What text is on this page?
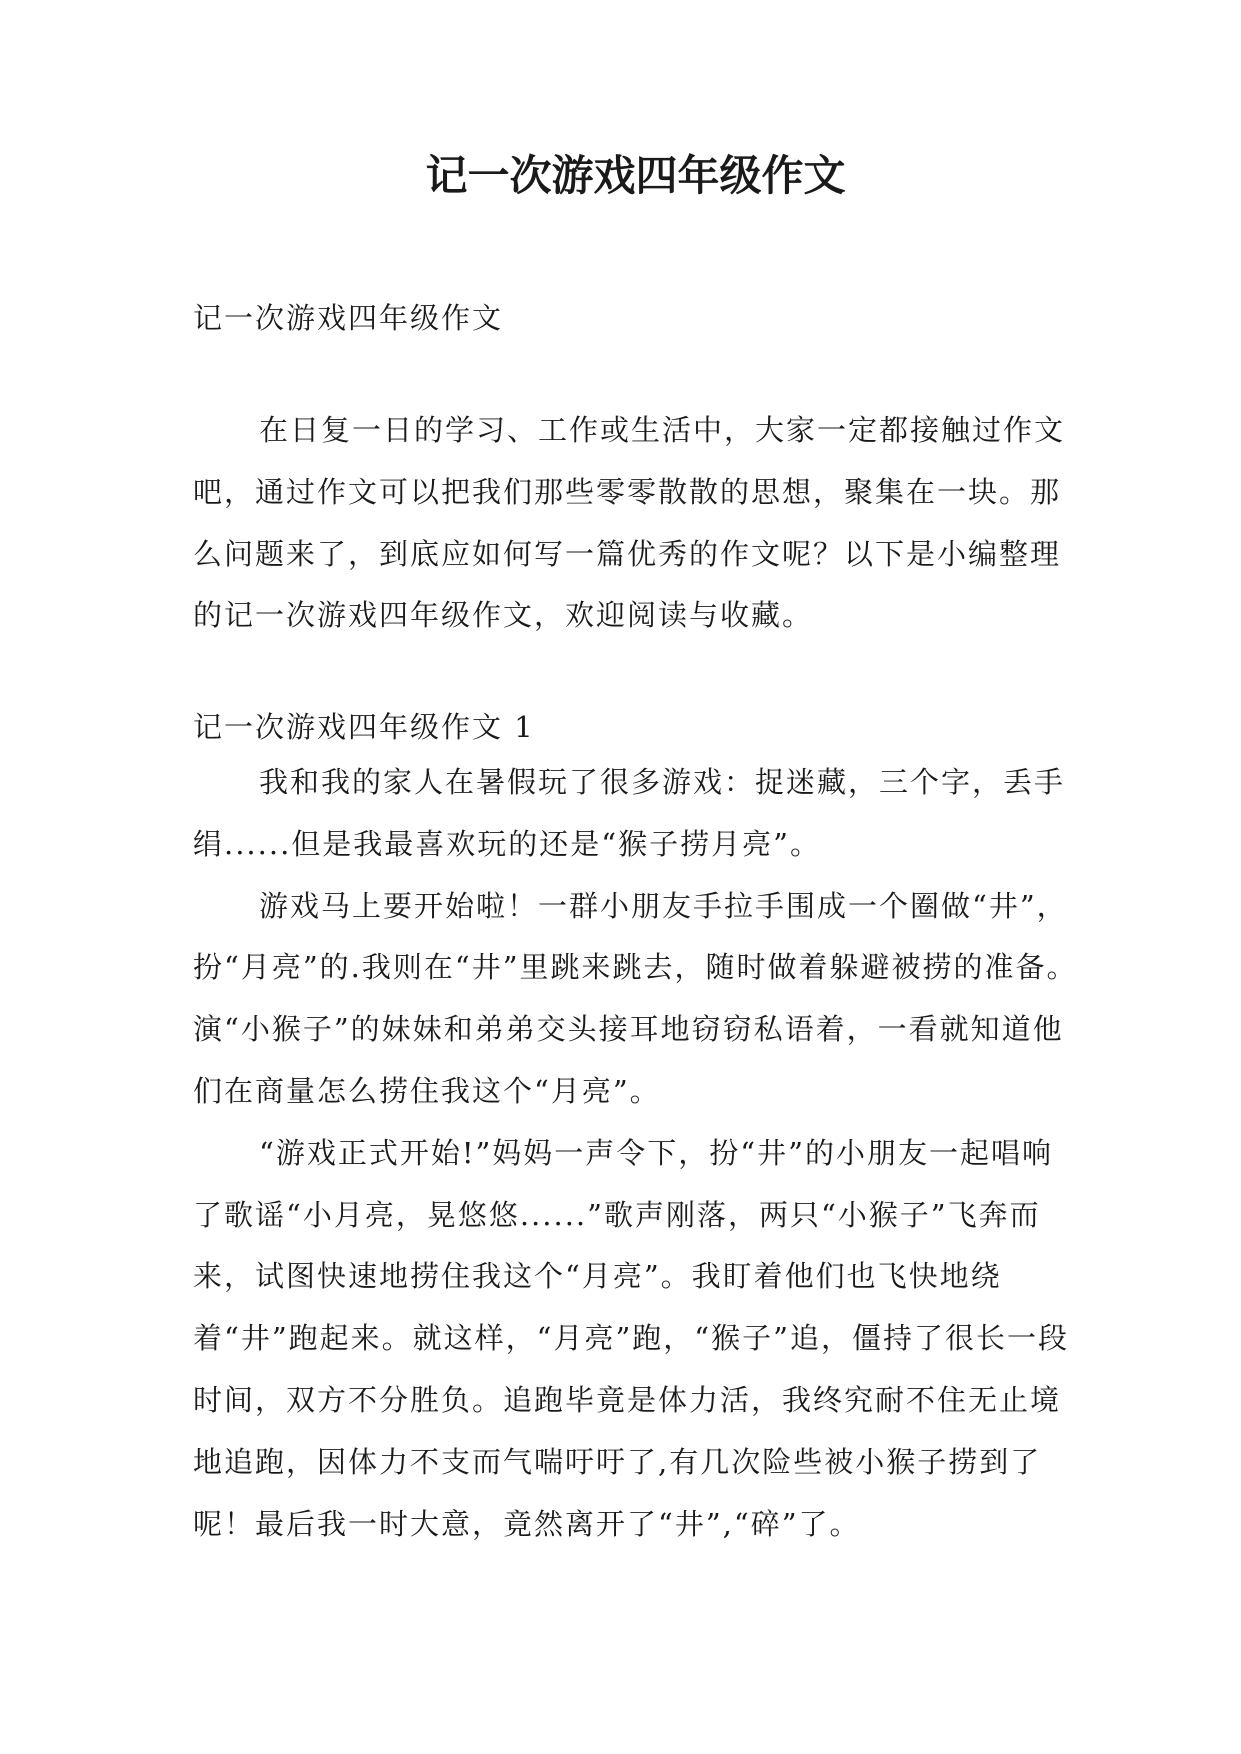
记一次游戏四年级作文
记一次游戏四年级作文
在日复一日的学习、工作或生活中，大家一定都接触过作文吧，通过作文可以把我们那些零零散散的思想，聚集在一块。那么问题来了，到底应如何写一篇优秀的作文呢？以下是小编整理的记一次游戏四年级作文，欢迎阅读与收藏。
记一次游戏四年级作文 1

我和我的家人在暑假玩了很多游戏：捉迷藏，三个字，丢手绢......但是我最喜欢玩的还是“猴子捞月亮”。

游戏马上要开始啦！一群小朋友手拉手围成一个圈做“井”，扮“月亮”的.我则在“井”里跳来跳去，随时做着躲避被捞的准备。演“小猴子”的妹妹和弟弟交头接耳地窃窃私语着，一看就知道他们在商量怎么捞住我这个“月亮”。

“游戏正式开始!”妈妈一声令下，扮“井”的小朋友一起唱响了歌谣“小月亮，晃悠悠......”歌声刚落，两只“小猴子”飞奔而来，试图快速地捞住我这个“月亮”。我盯着他们也飞快地绕着“井”跑起来。就这样，“月亮”跑，“猴子”追，僵持了很长一段时间，双方不分胜负。追跑毕竟是体力活，我终究耐不住无止境地追跑，因体力不支而气喘吁吁了,有几次险些被小猴子捞到了呢！最后我一时大意，竟然离开了“井”,“碎”了。
